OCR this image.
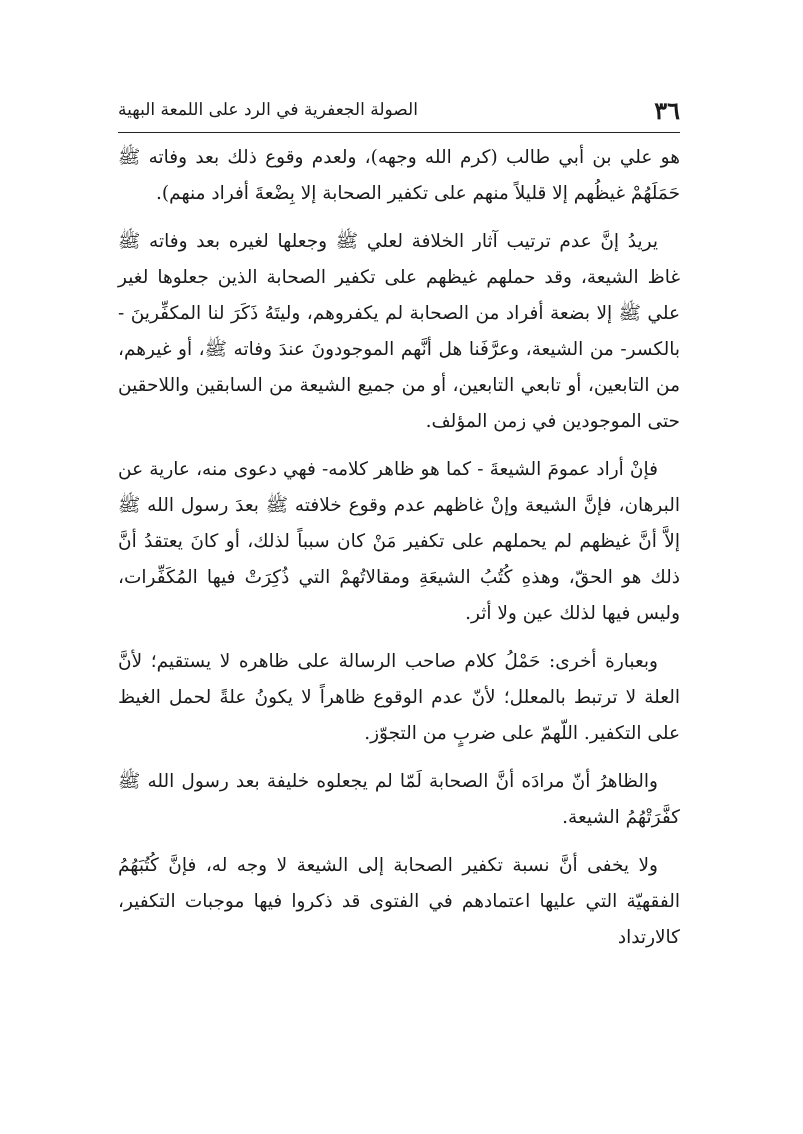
٣٦
الصولة الجعفرية في الرد على اللمعة البهية

هو علي بن أبي طالب (كرم الله وجهه)، ولعدم وقوع ذلك بعد وفاته ﷺ حَمَلَهُمْ غيظُهم إلا قليلاً منهم على تكفير الصحابة إلا بِضْعةَ أفراد منهم).

يريدُ إنَّ عدم ترتيب آثار الخلافة لعلي ﷺ وجعلها لغيره بعد وفاته ﷺ غاظ الشيعة، وقد حملهم غيظهم على تكفير الصحابة الذين جعلوها لغير علي ﷺ إلا بضعة أفراد من الصحابة لم يكفروهم، وليتَهُ ذَكَرَ لنا المكفِّرينَ - بالكسر- من الشيعة، وعرَّفَنا هل أنَّهم الموجودونَ عندَ وفاته ﷺ، أو غيرهم، من التابعين، أو تابعي التابعين، أو من جميع الشيعة من السابقين واللاحقين حتى الموجودين في زمن المؤلف.

فإنْ أراد عمومَ الشيعةَ - كما هو ظاهر كلامه- فهي دعوى منه، عارية عن البرهان، فإنَّ الشيعة وإنْ غاظهم عدم وقوع خلافته ﷺ بعدَ رسول الله ﷺ إلاَّ أنَّ غيظهم لم يحملهم على تكفير مَنْ كان سبباً لذلك، أو كانَ يعتقدُ أنَّ ذلك هو الحقّ، وهذهِ كُتُبُ الشيعَةِ ومقالاتُهمْ التي ذُكِرَتْ فيها المُكَفِّرات، وليس فيها لذلك عين ولا أثر.

وبعبارة أخرى: حَمْلُ كلام صاحب الرسالة على ظاهره لا يستقيم؛ لأنَّ العلة لا ترتبط بالمعلل؛ لأنّ عدم الوقوع ظاهراً لا يكونُ علةً لحمل الغيظ على التكفير. اللّهمّ على ضربٍ من التجوّز.

والظاهرُ أنّ مرادَه أنَّ الصحابة لَمّا لم يجعلوه خليفة بعد رسول الله ﷺ كفَّرَتْهُمُ الشيعة.

ولا يخفى أنَّ نسبة تكفير الصحابة إلى الشيعة لا وجه له، فإنَّ كُتُبَهُمُ الفقهيّة التي عليها اعتمادهم في الفتوى قد ذكروا فيها موجبات التكفير، كالارتداد
